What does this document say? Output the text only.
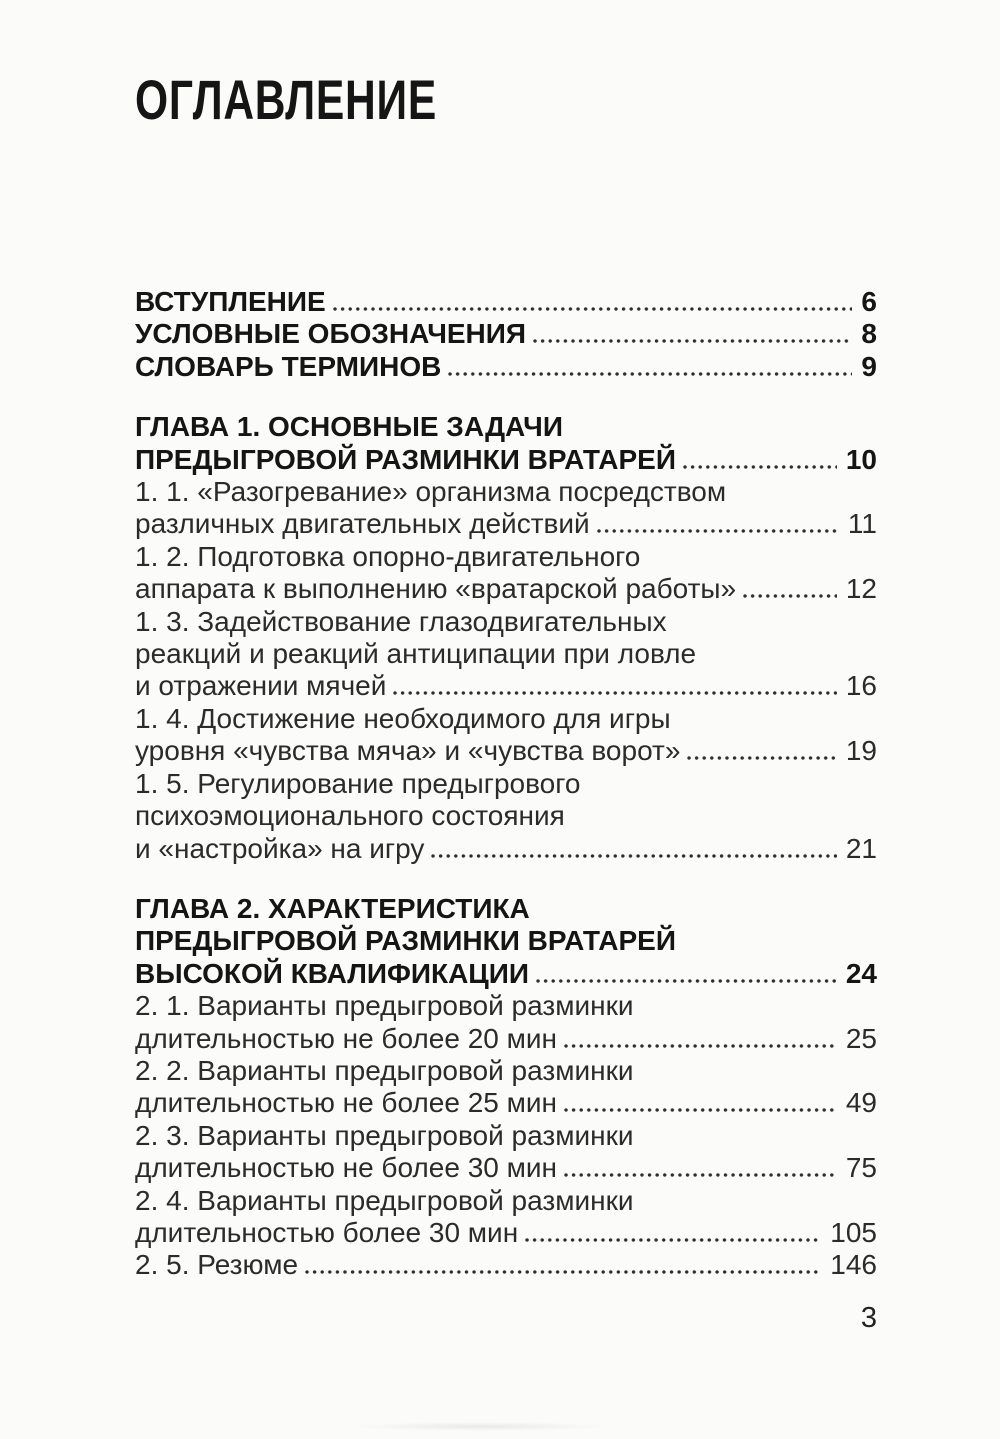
ОГЛАВЛЕНИЕ
ВСТУПЛЕНИЕ	6
УСЛОВНЫЕ ОБОЗНАЧЕНИЯ	8
СЛОВАРЬ ТЕРМИНОВ	9
ГЛАВА 1. ОСНОВНЫЕ ЗАДАЧИ
ПРЕДЫГРОВОЙ РАЗМИНКИ ВРАТАРЕЙ	10
1. 1. «Разогревание» организма посредством
различных двигательных действий	11
1. 2. Подготовка опорно-двигательного
аппарата к выполнению «вратарской работы»	12
1. 3. Задействование глазодвигательных
реакций и реакций антиципации при ловле
и отражении мячей	16
1. 4. Достижение необходимого для игры
уровня «чувства мяча» и «чувства ворот»	19
1. 5. Регулирование предыгрового
психоэмоционального состояния
и «настройка» на игру	21
ГЛАВА 2. ХАРАКТЕРИСТИКА
ПРЕДЫГРОВОЙ РАЗМИНКИ ВРАТАРЕЙ
ВЫСОКОЙ КВАЛИФИКАЦИИ	24
2. 1. Варианты предыгровой разминки
длительностью не более 20 мин	25
2. 2. Варианты предыгровой разминки
длительностью не более 25 мин	49
2. 3. Варианты предыгровой разминки
длительностью не более 30 мин	75
2. 4. Варианты предыгровой разминки
длительностью более 30 мин	105
2. 5. Резюме	146
3
